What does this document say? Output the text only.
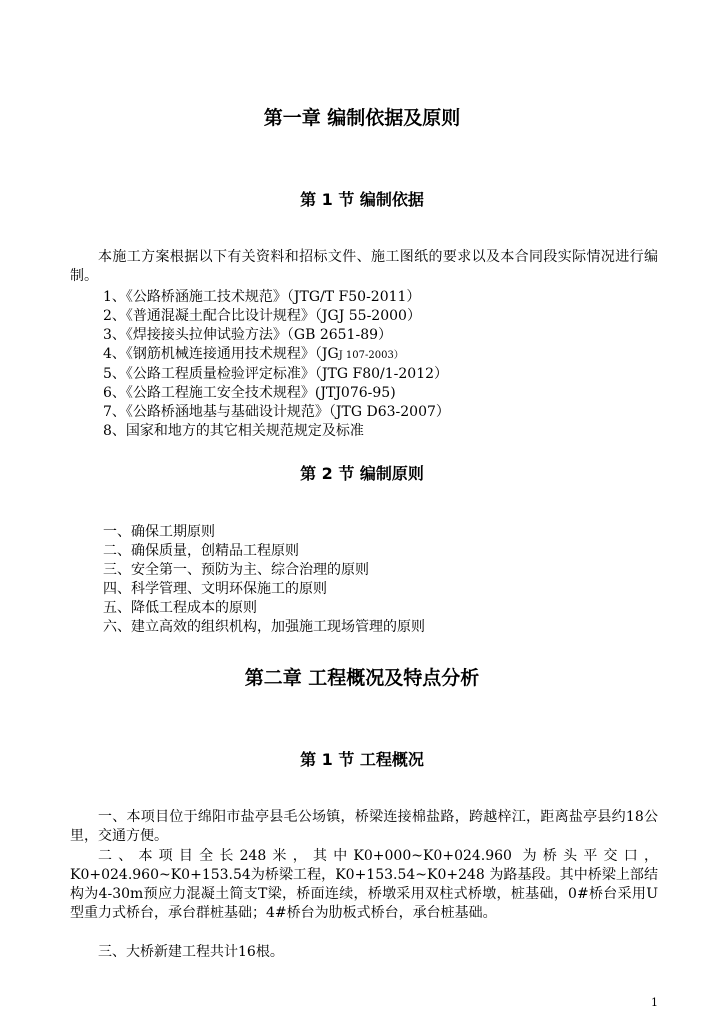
第一章 编制依据及原则
第 1 节 编制依据
本施工方案根据以下有关资料和招标文件、施工图纸的要求以及本合同段实际情况进行编制。
1、《公路桥涵施工技术规范》（JTG/T F50-2011）
2、《普通混凝土配合比设计规程》（JGJ 55-2000）
3、《焊接接头拉伸试验方法》（GB 2651-89）
4、《钢筋机械连接通用技术规程》（JGJ 107-2003）
5、《公路工程质量检验评定标准》（JTG F80/1-2012）
6、《公路工程施工安全技术规程》(JTJ076-95)
7、《公路桥涵地基与基础设计规范》（JTG D63-2007）
8、国家和地方的其它相关规范规定及标准
第 2 节 编制原则
一、确保工期原则
二、确保质量，创精品工程原则
三、安全第一、预防为主、综合治理的原则
四、科学管理、文明环保施工的原则
五、降低工程成本的原则
六、建立高效的组织机构，加强施工现场管理的原则
第二章 工程概况及特点分析
第 1 节 工程概况
一、本项目位于绵阳市盐亭县毛公场镇，桥梁连接棉盐路，跨越梓江，距离盐亭县约18公里，交通方便。
二、本项目全长248米，其中K0+000~K0+024.960 为桥头平交口，K0+024.960~K0+153.54为桥梁工程，K0+153.54~K0+248 为路基段。其中桥梁上部结构为4-30m预应力混凝土简支T梁，桥面连续，桥墩采用双柱式桥墩，桩基础，0#桥台采用U型重力式桥台，承台群桩基础；4#桥台为肋板式桥台，承台桩基础。
三、大桥新建工程共计16根。
1
